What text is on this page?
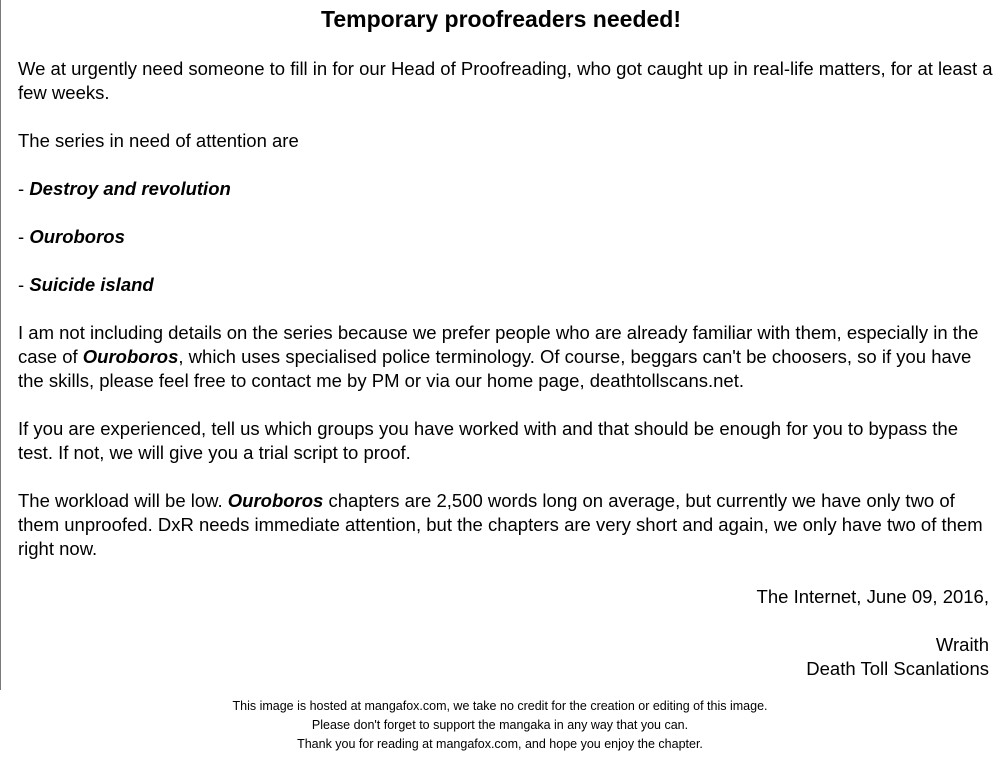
Temporary proofreaders needed!

We at urgently need someone to fill in for our Head of Proofreading, who got caught up in real-life matters, for at least a few weeks.

The series in need of attention are

- Destroy and revolution

- Ouroboros

- Suicide island

I am not including details on the series because we prefer people who are already familiar with them, especially in the case of Ouroboros, which uses specialised police terminology. Of course, beggars can't be choosers, so if you have the skills, please feel free to contact me by PM or via our home page, deathtollscans.net.

If you are experienced, tell us which groups you have worked with and that should be enough for you to bypass the test. If not, we will give you a trial script to proof.

The workload will be low. Ouroboros chapters are 2,500 words long on average, but currently we have only two of them unproofed. DxR needs immediate attention, but the chapters are very short and again, we only have two of them right now.

The Internet, June 09, 2016,
Wraith
Death Toll Scanlations
This image is hosted at mangafox.com, we take no credit for the creation or editing of this image.
Please don't forget to support the mangaka in any way that you can.
Thank you for reading at mangafox.com, and hope you enjoy the chapter.
